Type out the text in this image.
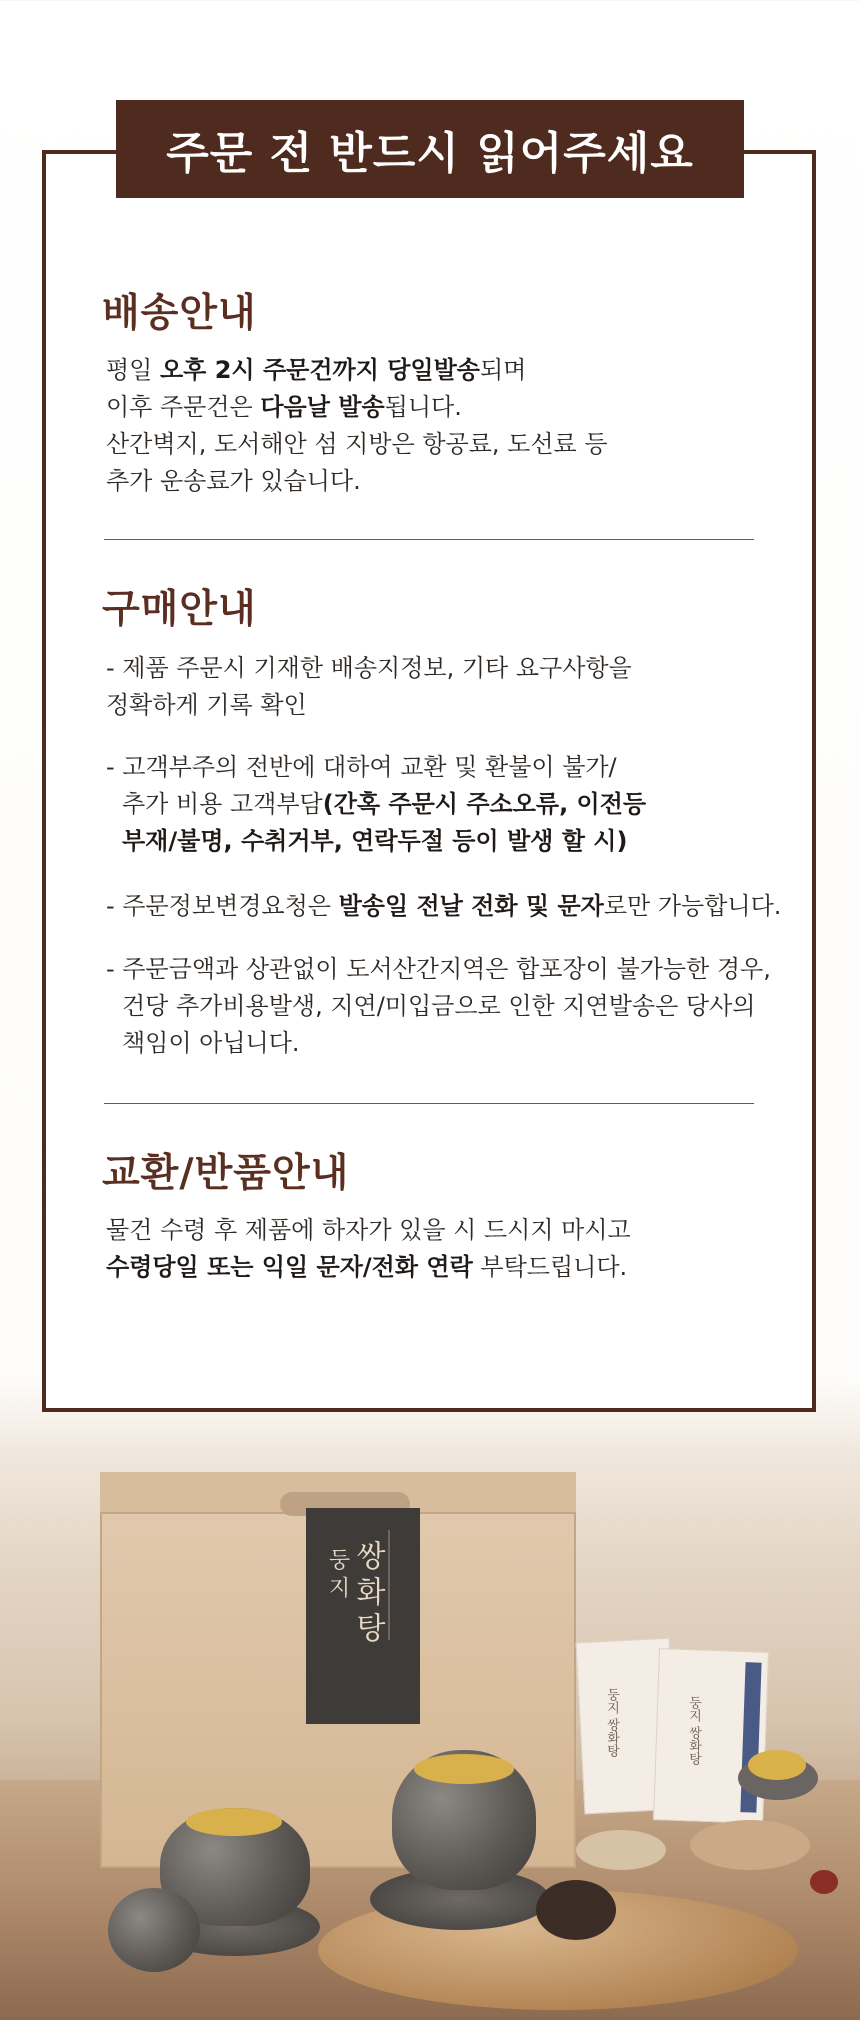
주문 전 반드시 읽어주세요
배송안내
평일 오후 2시 주문건까지 당일발송되며
이후 주문건은 다음날 발송됩니다.
산간벽지, 도서해안 섬 지방은 항공료, 도선료 등
추가 운송료가 있습니다.
구매안내
- 제품 주문시 기재한 배송지정보, 기타 요구사항을
정확하게 기록 확인
- 고객부주의 전반에 대하여 교환 및 환불이 불가/
추가 비용 고객부담(간혹 주문시 주소오류, 이전등
부재/불명, 수취거부, 연락두절 등이 발생 할 시)
- 주문정보변경요청은 발송일 전날 전화 및 문자로만 가능합니다.
- 주문금액과 상관없이 도서산간지역은 합포장이 불가능한 경우,
건당 추가비용발생, 지연/미입금으로 인한 지연발송은 당사의
책임이 아닙니다.
교환/반품안내
물건 수령 후 제품에 하자가 있을 시 드시지 마시고
수령당일 또는 익일 문자/전화 연락 부탁드립니다.
쌍화탕
둥지
둥지 쌍화탕	둥지 쌍화탕
